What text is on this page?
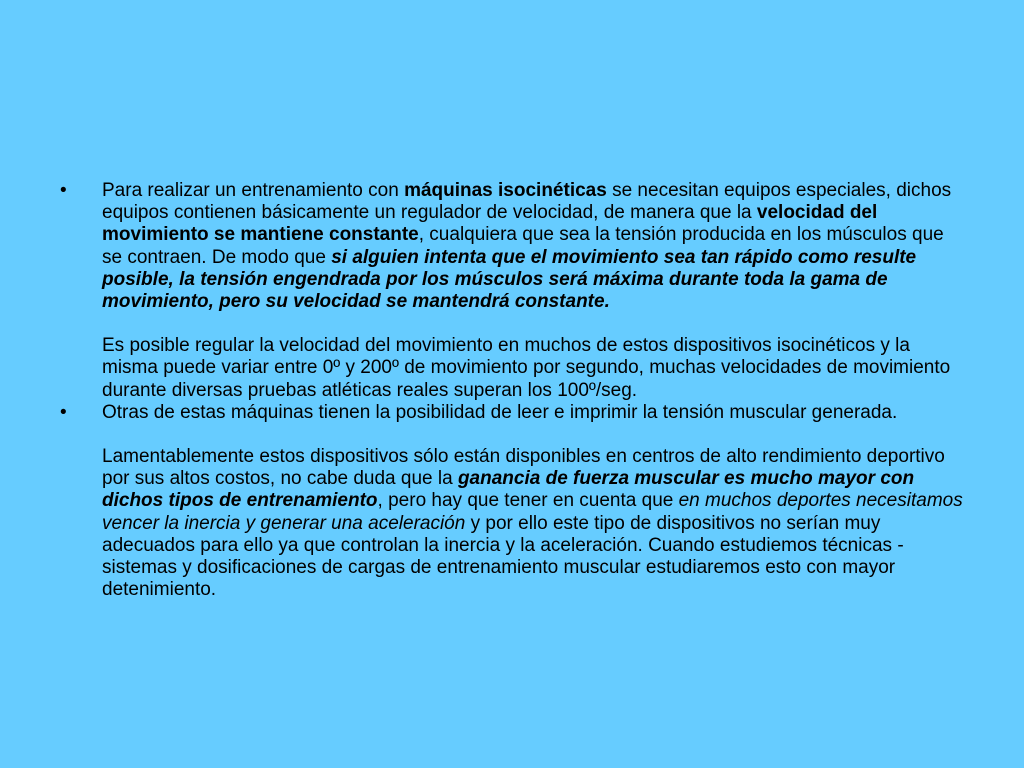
•	Para realizar un entrenamiento con máquinas isocinéticas se necesitan equipos especiales, dichos equipos contienen básicamente un regulador de velocidad, de manera que la velocidad del movimiento se mantiene constante, cualquiera que sea la tensión producida en los músculos que se contraen. De modo que si alguien intenta que el movimiento sea tan rápido como resulte posible, la tensión engendrada por los músculos será máxima durante toda la gama de movimiento, pero su velocidad se mantendrá constante.

Es posible regular la velocidad del movimiento en muchos de estos dispositivos isocinéticos y la misma puede variar entre 0º y 200º de movimiento por segundo, muchas velocidades de movimiento durante diversas pruebas atléticas reales superan los 100º/seg.

•	Otras de estas máquinas tienen la posibilidad de leer e imprimir la tensión muscular generada.

Lamentablemente estos dispositivos sólo están disponibles en centros de alto rendimiento deportivo por sus altos costos, no cabe duda que la ganancia de fuerza muscular es mucho mayor con dichos tipos de entrenamiento, pero hay que tener en cuenta que en muchos deportes necesitamos vencer la inercia y generar una aceleración y por ello este tipo de dispositivos no serían muy adecuados para ello ya que controlan la inercia y la aceleración. Cuando estudiemos técnicas - sistemas y dosificaciones de cargas de entrenamiento muscular estudiaremos esto con mayor detenimiento.
